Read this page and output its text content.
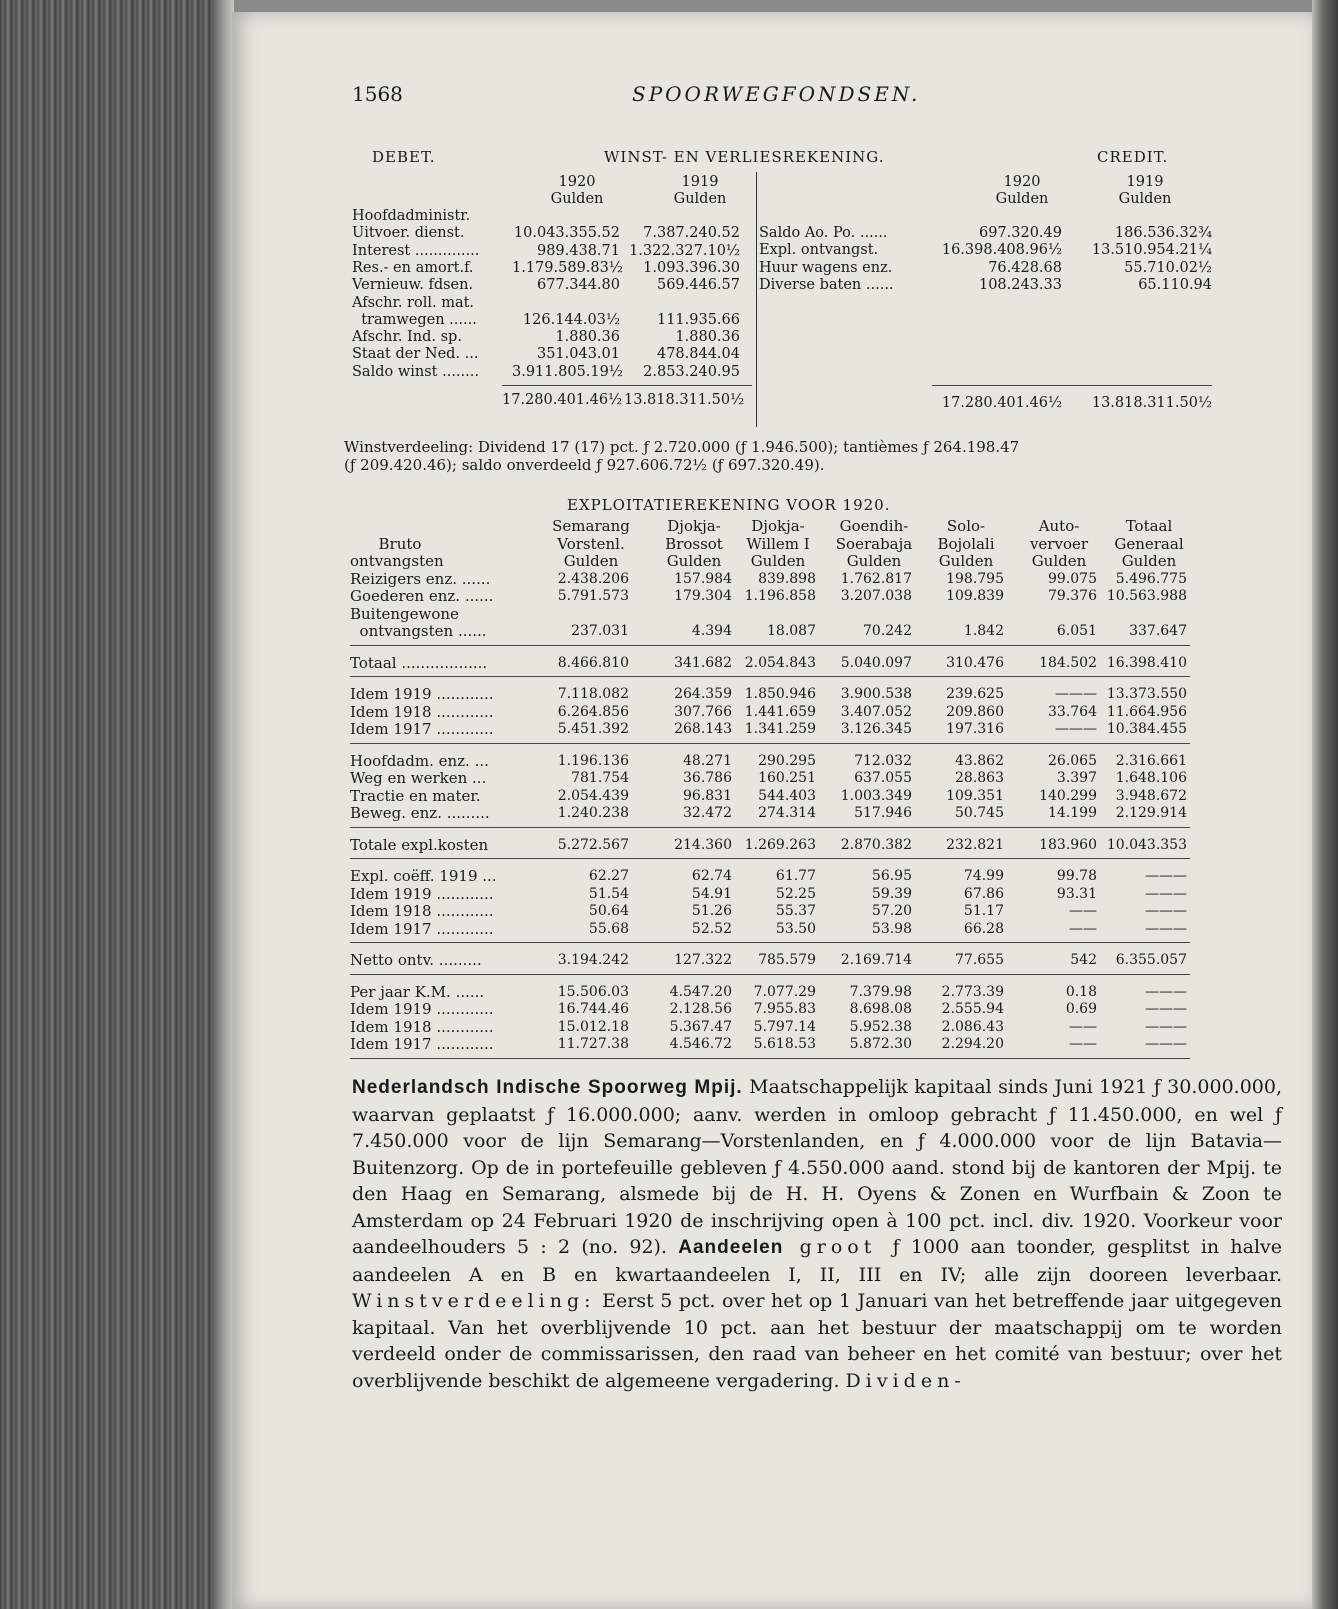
1568	SPOORWEGFONDSEN.
DEBET.	WINST- EN VERLIESREKENING.	CREDIT.
1920
Gulden
1919
Gulden
1920
Gulden
1919
Gulden
Hoofdadministr.
Uitvoer. dienst.	10.043.355.52	7.387.240.52
Interest ..............	989.438.71 1.322.327.10½
Res.- en amort.f.	1.179.589.83½	1.093.396.30
Vernieuw. fdsen.	677.344.80	569.446.57
Afschr. roll. mat.
tramwegen ......	126.144.03½	111.935.66
Afschr. Ind. sp.	1.880.36	1.880.36
Staat der Ned. ...	351.043.01	478.844.04
Saldo winst ........	3.911.805.19½	2.853.240.95
17.280.401.46½ 13.818.311.50½
Saldo Ao. Po. ......	697.320.49	186.536.32¾
Expl. ontvangst.	16.398.408.96½	13.510.954.21¼
Huur wagens enz.	76.428.68	55.710.02½
Diverse baten ......	108.243.33	65.110.94
17.280.401.46½	13.818.311.50½
Winstverdeeling: Dividend 17 (17) pct. ƒ 2.720.000 (ƒ 1.946.500); tantièmes ƒ 264.198.47
(ƒ 209.420.46); saldo onverdeeld ƒ 927.606.72½ (ƒ 697.320.49).
EXPLOITATIEREKENING VOOR 1920.
Bruto
ontvangsten
Semarang
Vorstenl.
Gulden
Djokja-
Brossot
Gulden
Djokja-
Willem I
Gulden
Goendih-
Soerabaja
Gulden
Solo-
Bojolali
Gulden
Auto-
vervoer
Gulden
Totaal
Generaal
Gulden
Reizigers enz. ......	2.438.206	157.984	839.898	1.762.817	198.795	99.075	5.496.775
Goederen enz. ......	5.791.573	179.304 1.196.858	3.207.038	109.839	79.376 10.563.988
Buitengewone
ontvangsten ......	237.031	4.394	18.087	70.242	1.842	6.051	337.647
Totaal ..................	8.466.810	341.682 2.054.843	5.040.097	310.476	184.502 16.398.410
Idem 1919 ............	7.118.082	264.359 1.850.946	3.900.538	239.625	——— 13.373.550
Idem 1918 ............	6.264.856	307.766 1.441.659	3.407.052	209.860	33.764 11.664.956
Idem 1917 ............	5.451.392	268.143 1.341.259	3.126.345	197.316	——— 10.384.455
Hoofdadm. enz. ...	1.196.136	48.271	290.295	712.032	43.862	26.065	2.316.661
Weg en werken ...	781.754	36.786	160.251	637.055	28.863	3.397	1.648.106
Tractie en mater.	2.054.439	96.831	544.403	1.003.349	109.351	140.299	3.948.672
Beweg. enz. .........	1.240.238	32.472	274.314	517.946	50.745	14.199	2.129.914
Totale expl.kosten	5.272.567	214.360 1.269.263	2.870.382	232.821	183.960 10.043.353
Expl. coëff. 1919 ...	62.27	62.74	61.77	56.95	74.99	99.78	———
Idem 1919 ............	51.54	54.91	52.25	59.39	67.86	93.31	———
Idem 1918 ............	50.64	51.26	55.37	57.20	51.17	——	———
Idem 1917 ............	55.68	52.52	53.50	53.98	66.28	——	———
Netto ontv. .........	3.194.242	127.322	785.579	2.169.714	77.655	542	6.355.057
Per jaar K.M. ......	15.506.03	4.547.20	7.077.29	7.379.98	2.773.39	0.18	———
Idem 1919 ............	16.744.46	2.128.56	7.955.83	8.698.08	2.555.94	0.69	———
Idem 1918 ............	15.012.18	5.367.47	5.797.14	5.952.38	2.086.43	——	———
Idem 1917 ............	11.727.38	4.546.72	5.618.53	5.872.30	2.294.20	——	———
Nederlandsch Indische Spoorweg Mpij. Maatschappelijk kapitaal sinds Juni 1921 ƒ 30.000.000, waarvan geplaatst ƒ 16.000.000; aanv. werden in omloop gebracht ƒ 11.450.000, en wel ƒ 7.450.000 voor de lijn Semarang—Vorstenlanden, en ƒ 4.000.000 voor de lijn Batavia—Buitenzorg. Op de in portefeuille gebleven ƒ 4.550.000 aand. stond bij de kantoren der Mpij. te den Haag en Semarang, alsmede bij de H. H. Oyens & Zonen en Wurfbain & Zoon te Amsterdam op 24 Februari 1920 de inschrijving open à 100 pct. incl. div. 1920. Voorkeur voor aandeelhouders 5 : 2 (no. 92). Aandeelen groot ƒ 1000 aan toonder, gesplitst in halve aandeelen A en B en kwartaandeelen I, II, III en IV; alle zijn dooreen leverbaar. Winstverdeeling: Eerst 5 pct. over het op 1 Januari van het betreffende jaar uitgegeven kapitaal. Van het overblijvende 10 pct. aan het bestuur der maatschappij om te worden verdeeld onder de commissarissen, den raad van beheer en het comité van bestuur; over het overblijvende beschikt de algemeene vergadering. Dividen-
